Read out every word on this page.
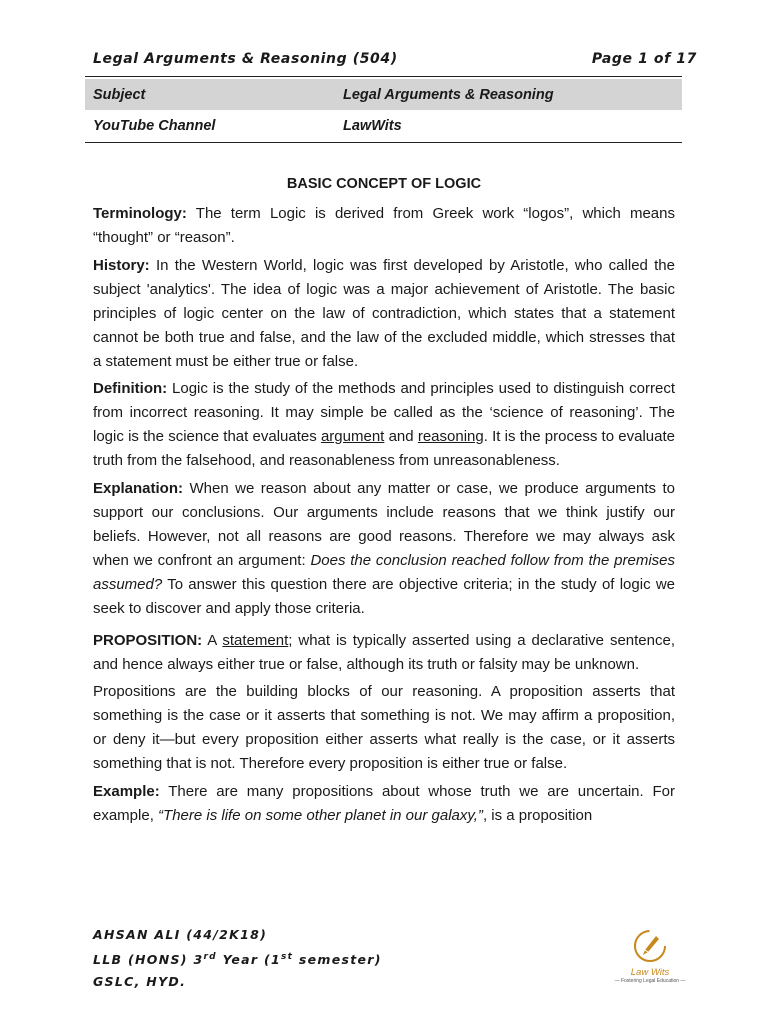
Legal Arguments & Reasoning (504)	Page 1 of 17
Subject	Legal Arguments & Reasoning
YouTube Channel	LawWits
BASIC CONCEPT OF LOGIC

Terminology: The term Logic is derived from Greek work “logos”, which means “thought” or “reason”.

History: In the Western World, logic was first developed by Aristotle, who called the subject 'analytics'. The idea of logic was a major achievement of Aristotle. The basic principles of logic center on the law of contradiction, which states that a statement cannot be both true and false, and the law of the excluded middle, which stresses that a statement must be either true or false.

Definition: Logic is the study of the methods and principles used to distinguish correct from incorrect reasoning. It may simple be called as the ‘science of reasoning’. The logic is the science that evaluates argument and reasoning. It is the process to evaluate truth from the falsehood, and reasonableness from unreasonableness.

Explanation: When we reason about any matter or case, we produce arguments to support our conclusions. Our arguments include reasons that we think justify our beliefs. However, not all reasons are good reasons. Therefore we may always ask when we confront an argument: Does the conclusion reached follow from the premises assumed? To answer this question there are objective criteria; in the study of logic we seek to discover and apply those criteria.

PROPOSITION: A statement; what is typically asserted using a declarative sentence, and hence always either true or false, although its truth or falsity may be unknown.

Propositions are the building blocks of our reasoning. A proposition asserts that something is the case or it asserts that something is not. We may affirm a proposition, or deny it—but every proposition either asserts what really is the case, or it asserts something that is not. Therefore every proposition is either true or false.

Example: There are many propositions about whose truth we are uncertain. For example, “There is life on some other planet in our galaxy,”, is a proposition

AHSAN ALI (44/2K18)
LLB (HONS) 3rd Year (1st semester)
GSLC, HYD.
Law Wits
— Fostering Legal Education —
